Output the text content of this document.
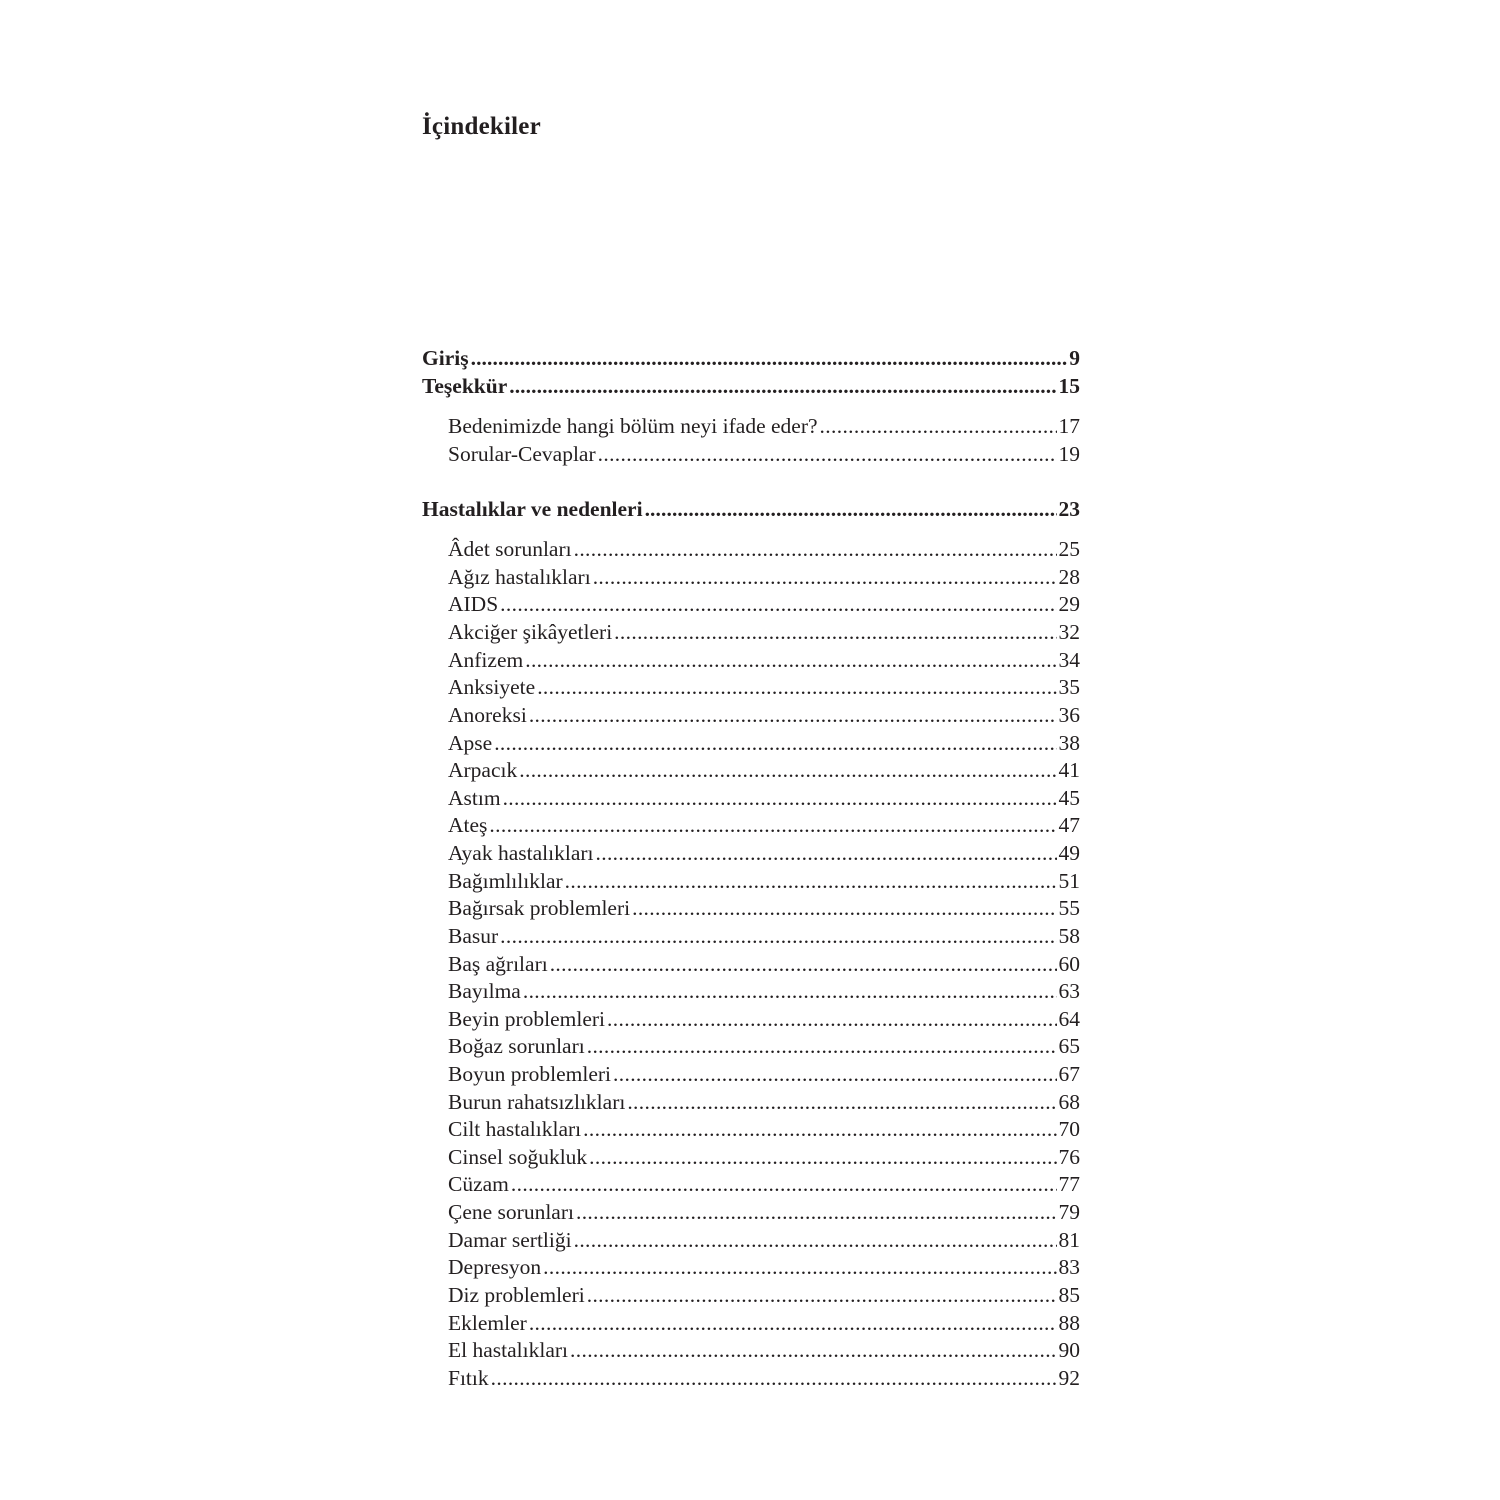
İçindekiler
Giriş .....	9
Teşekkür .....	15
Bedenimizde hangi bölüm neyi ifade eder? .....	17
Sorular-Cevaplar .....	19
Hastalıklar ve nedenleri .....	23
Âdet sorunları .....	25
Ağız hastalıkları .....	28
AIDS .....	29
Akciğer şikâyetleri .....	32
Anfizem .....	34
Anksiyete .....	35
Anoreksi .....	36
Apse .....	38
Arpacık .....	41
Astım .....	45
Ateş .....	47
Ayak hastalıkları .....	49
Bağımlılıklar .....	51
Bağırsak problemleri .....	55
Basur .....	58
Baş ağrıları .....	60
Bayılma .....	63
Beyin problemleri .....	64
Boğaz sorunları .....	65
Boyun problemleri .....	67
Burun rahatsızlıkları .....	68
Cilt hastalıkları .....	70
Cinsel soğukluk .....	76
Cüzam .....	77
Çene sorunları .....	79
Damar sertliği .....	81
Depresyon .....	83
Diz problemleri .....	85
Eklemler .....	88
El hastalıkları .....	90
Fıtık .....	92
